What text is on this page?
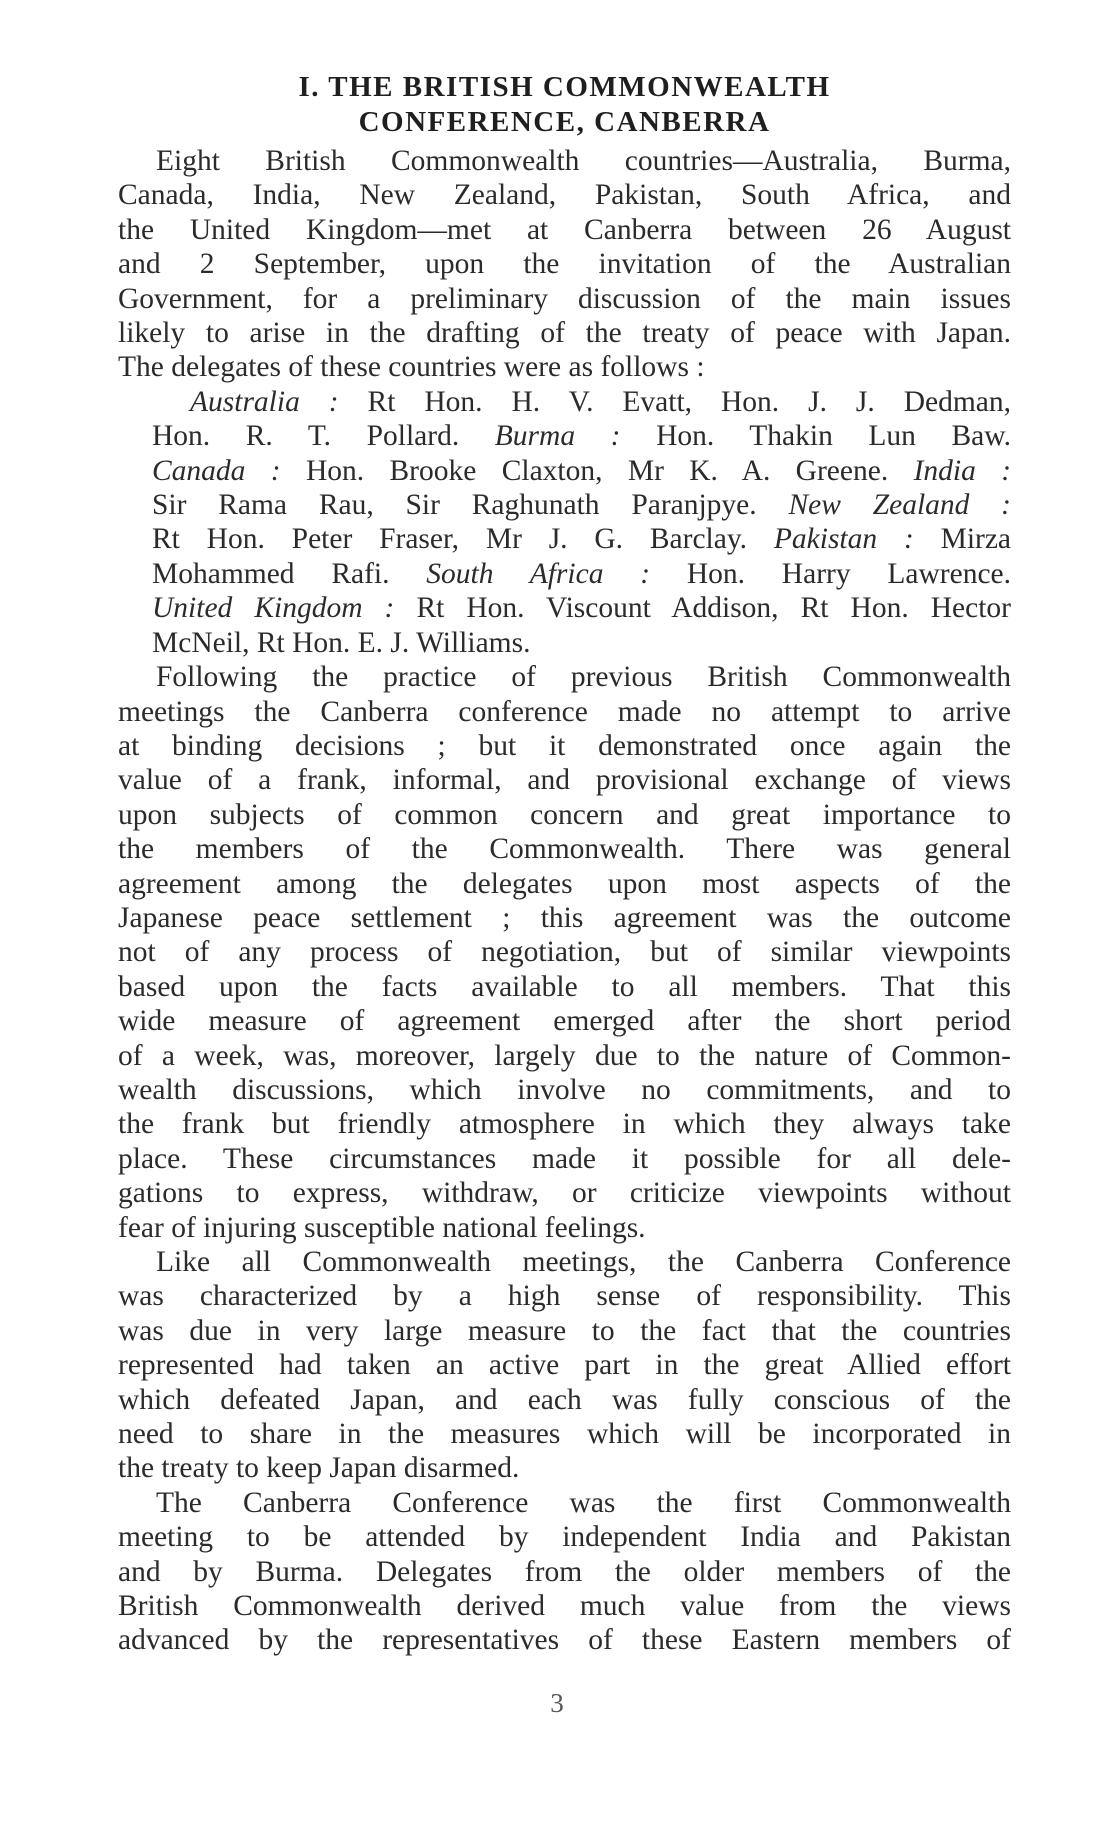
I. THE BRITISH COMMONWEALTH
CONFERENCE, CANBERRA

Eight British Commonwealth countries—Australia, Burma,
Canada, India, New Zealand, Pakistan, South Africa, and
the United Kingdom—met at Canberra between 26 August
and 2 September, upon the invitation of the Australian
Government, for a preliminary discussion of the main issues
likely to arise in the drafting of the treaty of peace with Japan.
The delegates of these countries were as follows :

Australia : Rt Hon. H. V. Evatt, Hon. J. J. Dedman,
Hon. R. T. Pollard. Burma : Hon. Thakin Lun Baw.
Canada : Hon. Brooke Claxton, Mr K. A. Greene. India :
Sir Rama Rau, Sir Raghunath Paranjpye. New Zealand :
Rt Hon. Peter Fraser, Mr J. G. Barclay. Pakistan : Mirza
Mohammed Rafi. South Africa : Hon. Harry Lawrence.
United Kingdom : Rt Hon. Viscount Addison, Rt Hon. Hector
McNeil, Rt Hon. E. J. Williams.

Following the practice of previous British Commonwealth
meetings the Canberra conference made no attempt to arrive
at binding decisions ; but it demonstrated once again the
value of a frank, informal, and provisional exchange of views
upon subjects of common concern and great importance to
the members of the Commonwealth. There was general
agreement among the delegates upon most aspects of the
Japanese peace settlement ; this agreement was the outcome
not of any process of negotiation, but of similar viewpoints
based upon the facts available to all members. That this
wide measure of agreement emerged after the short period
of a week, was, moreover, largely due to the nature of Common-
wealth discussions, which involve no commitments, and to
the frank but friendly atmosphere in which they always take
place. These circumstances made it possible for all dele-
gations to express, withdraw, or criticize viewpoints without
fear of injuring susceptible national feelings.

Like all Commonwealth meetings, the Canberra Conference
was characterized by a high sense of responsibility. This
was due in very large measure to the fact that the countries
represented had taken an active part in the great Allied effort
which defeated Japan, and each was fully conscious of the
need to share in the measures which will be incorporated in
the treaty to keep Japan disarmed.

The Canberra Conference was the first Commonwealth
meeting to be attended by independent India and Pakistan
and by Burma. Delegates from the older members of the
British Commonwealth derived much value from the views
advanced by the representatives of these Eastern members of

3
